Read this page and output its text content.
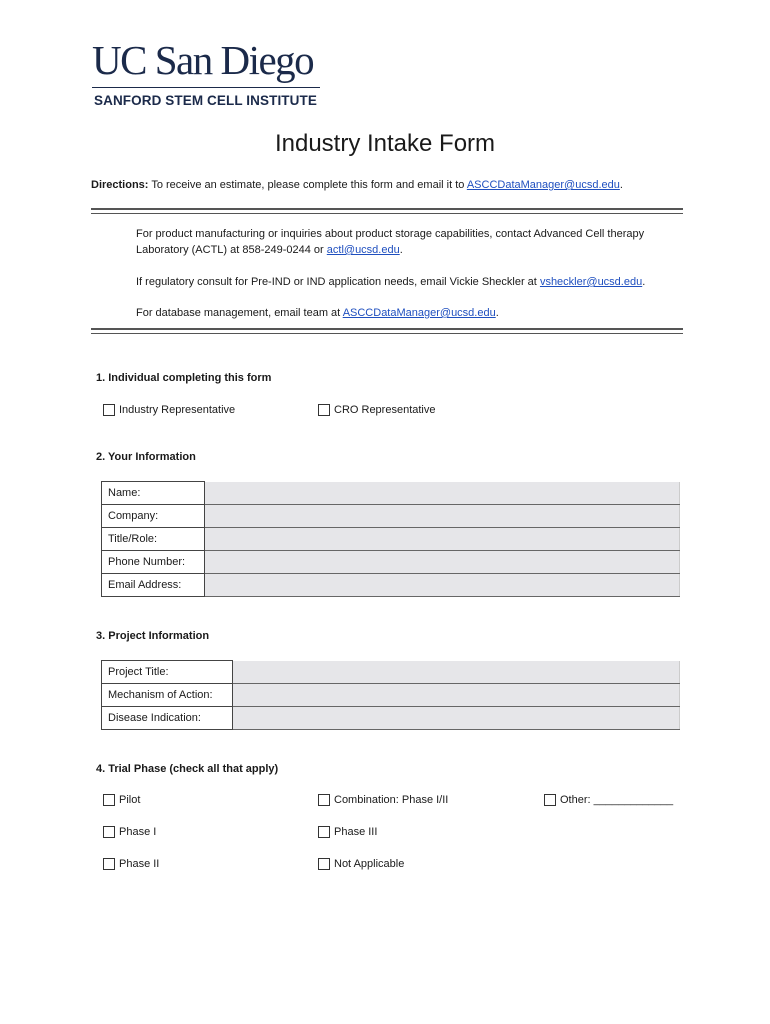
UC San Diego
SANFORD STEM CELL INSTITUTE
Industry Intake Form
Directions: To receive an estimate, please complete this form and email it to ASCCDataManager@ucsd.edu.
For product manufacturing or inquiries about product storage capabilities, contact Advanced Cell therapy Laboratory (ACTL) at 858-249-0244 or actl@ucsd.edu.
If regulatory consult for Pre-IND or IND application needs, email Vickie Sheckler at vsheckler@ucsd.edu.
For database management, email team at ASCCDataManager@ucsd.edu.
1. Individual completing this form
Industry Representative	CRO Representative
2. Your Information
Name:	
Company:	
Title/Role:	
Phone Number:	
Email Address:	
3. Project Information
Project Title:	
Mechanism of Action:	
Disease Indication:	
4. Trial Phase (check all that apply)
Pilot	Combination: Phase I/II	Other: _____________
Phase I	Phase III
Phase II	Not Applicable
